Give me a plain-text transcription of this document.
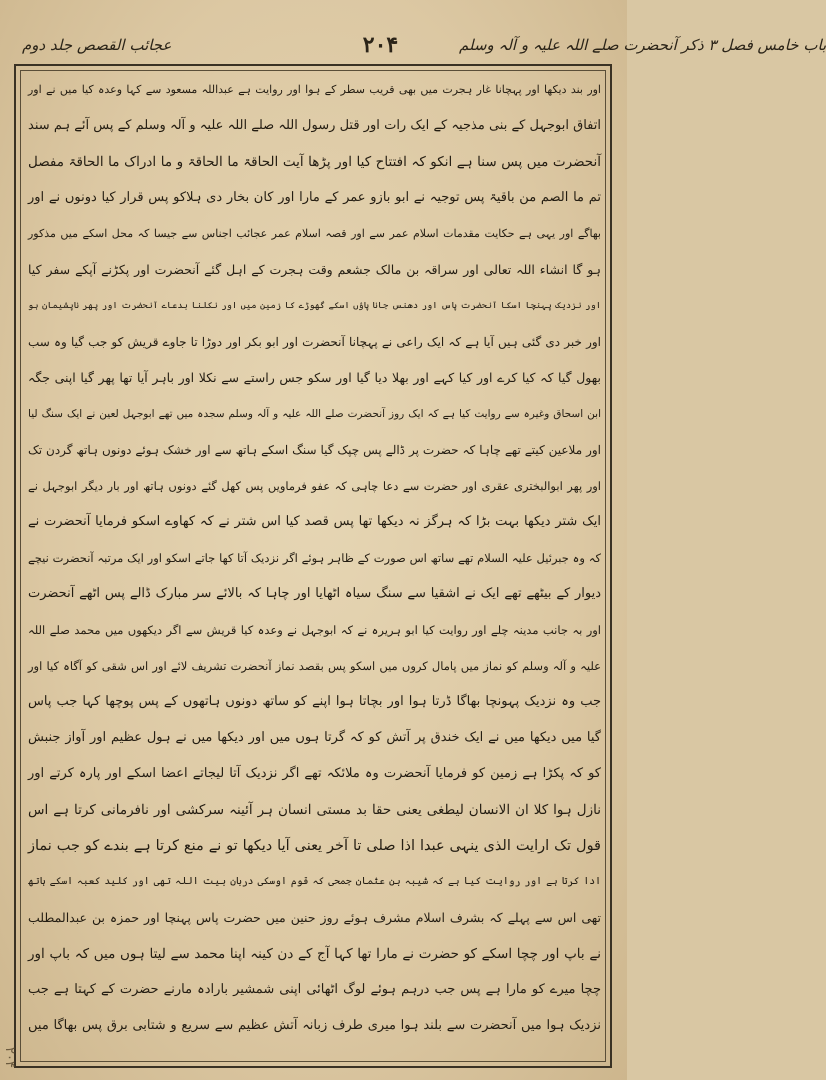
عجائب القصص جلد دوم	۲۰۴	باب خامس فصل ۳ ذکر آنحضرت صلے اللہ علیہ و آلہ وسلم
اور بند دیکھا اور پہچانا غار ہجرت میں بھی قریب سطر کے ہوا اور روایت ہے عبداللہ مسعود سے کہا وعدہ کیا میں نے اور
اتفاق ابوجہل کے بنی مذجیہ کے ایک رات اور قتل رسول اللہ صلے اللہ علیہ و آلہ وسلم کے پس آئے ہم سند
آنحضرت میں پس سنا ہے انکو کہ افتتاح کیا اور پڑھا آیت الحاقۃ ما الحاقۃ و ما ادراک ما الحاقۃ مفصل
تم ما الصم من باقیۃ پس توجیہ نے ابو بازو عمر کے مارا اور کان بخار دی ہلاکو پس قرار کیا دونوں نے اور
بھاگے اور یہی ہے حکایت مقدمات اسلام عمر سے اور قصہ اسلام عمر عجائب اجناس سے جیسا کہ محل اسکے میں مذکور
ہو گا انشاء اللہ تعالی اور سراقہ بن مالک جشعم وقت ہجرت کے اہل گئے آنحضرت اور پکڑنے آپکے سفر کیا
اور نزدیک پہنچا اسکا آنحضرت پاس اور دھنس جانا پاؤں اسکے گھوڑے کا زمین میں اور نکلنا بدعاے آنحضرت اور پھر ناپشیمان ہو
اور خبر دی گئی ہیں آیا ہے کہ ایک راعی نے پہچانا آنحضرت اور ابو بکر اور دوڑا تا جاوے قریش کو جب گیا وہ سب
بھول گیا کہ کیا کرے اور کیا کہے اور بھلا دیا گیا اور سکو جس راستے سے نکلا اور باہر آیا تھا پھر گیا اپنی جگہ
ابن اسحاق وغیرہ سے روایت کیا ہے کہ ایک روز آنحضرت صلے اللہ علیہ و آلہ وسلم سجدہ میں تھے ابوجہل لعین نے ایک سنگ لیا
اور ملاعین کیتے تھے چاہا کہ حضرت پر ڈالے پس چپک گیا سنگ اسکے ہاتھ سے اور خشک ہوئے دونوں ہاتھ گردن تک
اور پھر ابوالبختری عقری اور حضرت سے دعا چاہی کہ عفو فرماویں پس کھل گئے دونوں ہاتھ اور بار دیگر ابوجہل نے
ایک شتر دیکھا بہت بڑا کہ ہرگز نہ دیکھا تھا پس قصد کیا اس شتر نے کہ کھاوے اسکو فرمایا آنحضرت نے
کہ وہ جبرئیل علیہ السلام تھے ساتھ اس صورت کے ظاہر ہوئے اگر نزدیک آتا کھا جاتے اسکو اور ایک مرتبہ آنحضرت نیچے
دیوار کے بیٹھے تھے ایک نے اشقیا سے سنگ سیاہ اٹھایا اور چاہا کہ بالائے سر مبارک ڈالے پس اٹھے آنحضرت
اور بہ جانب مدینہ چلے اور روایت کیا ابو ہریرہ نے کہ ابوجہل نے وعدہ کیا قریش سے اگر دیکھوں میں محمد صلے اللہ
علیہ و آلہ وسلم کو نماز میں پامال کروں میں اسکو پس بقصد نماز آنحضرت تشریف لائے اور اس شقی کو آگاہ کیا اور
جب وہ نزدیک پہونچا بھاگا ڈرتا ہوا اور بچاتا ہوا اپنے کو ساتھ دونوں ہاتھوں کے پس پوچھا کہا جب پاس
گیا میں دیکھا میں نے ایک خندق پر آتش کو کہ گرتا ہوں میں اور دیکھا میں نے ہول عظیم اور آواز جنبش
کو کہ پکڑا ہے زمین کو فرمایا آنحضرت وہ ملائکہ تھے اگر نزدیک آتا لیجاتے اعضا اسکے اور پارہ کرتے اور
نازل ہوا کلا ان الانسان لیطغی یعنی حقا بد مستی انسان ہر آئینہ سرکشی اور نافرمانی کرتا ہے اس
قول تک ارایت الذی ینہی عبدا اذا صلی تا آخر یعنی آیا دیکھا تو نے منع کرتا ہے بندے کو جب نماز
ادا کرتا ہے اور روایت کیا ہے کہ شیبہ بن عثمان جمحی کہ قوم اوسکی دربان بیت اللہ تھی اور کلید کعبہ اسکے ہاتھ
تھی اس سے پہلے کہ بشرف اسلام مشرف ہوئے روز حنین میں حضرت پاس پہنچا اور حمزہ بن عبدالمطلب
نے باپ اور چچا اسکے کو حضرت نے مارا تھا کہا آج کے دن کینہ اپنا محمد سے لیتا ہوں میں کہ باپ اور
چچا میرے کو مارا ہے پس جب درہم ہوئے لوگ اٹھائی اپنی شمشیر بارادہ مارنے حضرت کے کہتا ہے جب
نزدیک ہوا میں آنحضرت سے بلند ہوا میری طرف زبانہ آتش عظیم سے سریع و شتابی برق پس بھاگا میں
۲۰۴
